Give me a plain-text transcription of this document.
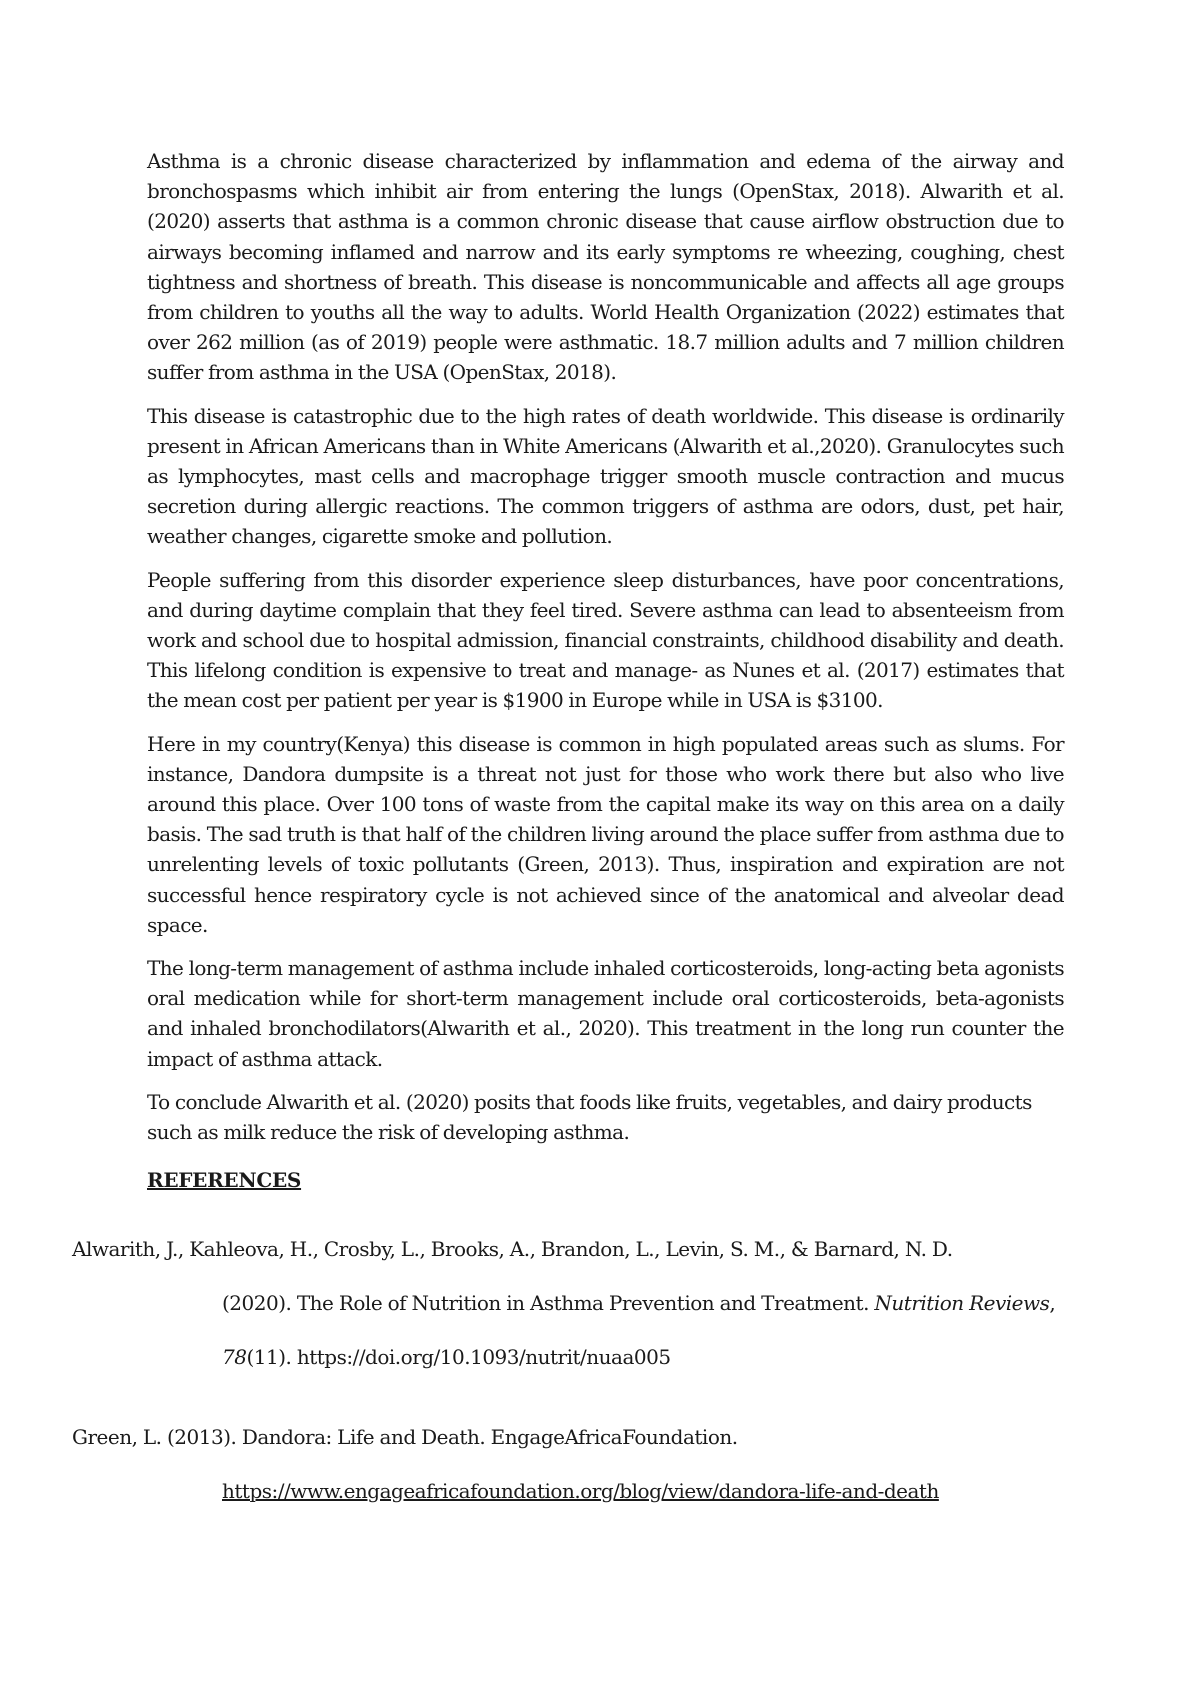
Asthma is a chronic disease characterized by inflammation and edema of the airway and bronchospasms which inhibit air from entering the lungs (OpenStax, 2018). Alwarith et al. (2020) asserts that asthma is a common chronic disease that cause airflow obstruction due to airways becoming inflamed and narrow and its early symptoms re wheezing, coughing, chest tightness and shortness of breath. This disease is noncommunicable and affects all age groups from children to youths all the way to adults. World Health Organization (2022) estimates that over 262 million (as of 2019) people were asthmatic. 18.7 million adults and 7 million children suffer from asthma in the USA (OpenStax, 2018).

This disease is catastrophic due to the high rates of death worldwide. This disease is ordinarily present in African Americans than in White Americans (Alwarith et al.,2020). Granulocytes such as lymphocytes, mast cells and macrophage trigger smooth muscle contraction and mucus secretion during allergic reactions. The common triggers of asthma are odors, dust, pet hair, weather changes, cigarette smoke and pollution.

People suffering from this disorder experience sleep disturbances, have poor concentrations, and during daytime complain that they feel tired. Severe asthma can lead to absenteeism from work and school due to hospital admission, financial constraints, childhood disability and death. This lifelong condition is expensive to treat and manage- as Nunes et al. (2017) estimates that the mean cost per patient per year is $1900 in Europe while in USA is $3100.

Here in my country(Kenya) this disease is common in high populated areas such as slums. For instance, Dandora dumpsite is a threat not just for those who work there but also who live around this place. Over 100 tons of waste from the capital make its way on this area on a daily basis. The sad truth is that half of the children living around the place suffer from asthma due to unrelenting levels of toxic pollutants (Green, 2013). Thus, inspiration and expiration are not successful hence respiratory cycle is not achieved since of the anatomical and alveolar dead space.

The long-term management of asthma include inhaled corticosteroids, long-acting beta agonists oral medication while for short-term management include oral corticosteroids, beta-agonists and inhaled bronchodilators(Alwarith et al., 2020). This treatment in the long run counter the impact of asthma attack.

To conclude Alwarith et al. (2020) posits that foods like fruits, vegetables, and dairy products such as milk reduce the risk of developing asthma.

REFERENCES
Alwarith, J., Kahleova, H., Crosby, L., Brooks, A., Brandon, L., Levin, S. M., & Barnard, N. D.
(2020). The Role of Nutrition in Asthma Prevention and Treatment. Nutrition Reviews,
78(11). https://doi.org/10.1093/nutrit/nuaa005
Green, L. (2013). Dandora: Life and Death. EngageAfricaFoundation.
https://www.engageafricafoundation.org/blog/view/dandora-life-and-death
